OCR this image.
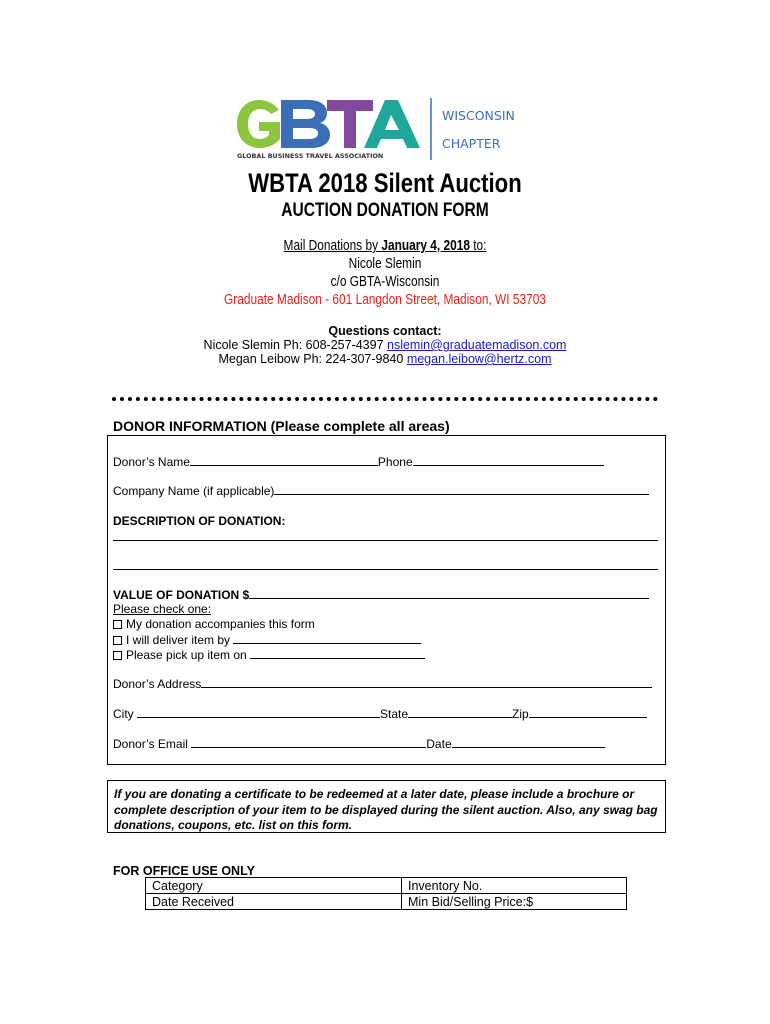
GLOBAL BUSINESS TRAVEL ASSOCIATION
WISCONSIN
CHAPTER
WBTA 2018 Silent Auction
AUCTION DONATION FORM
Mail Donations by January 4, 2018 to:
Nicole Slemin
c/o GBTA-Wisconsin
Graduate Madison - 601 Langdon Street, Madison, WI 53703
Questions contact:
Nicole Slemin Ph: 608-257-4397 nslemin@graduatemadison.com
Megan Leibow Ph: 224-307-9840 megan.leibow@hertz.com
DONOR INFORMATION (Please complete all areas)
Donor’s Name	Phone
Company Name (if applicable)
DESCRIPTION OF DONATION:
VALUE OF DONATION $
Please check one:
My donation accompanies this form
I will deliver item by
Please pick up item on
Donor’s Address
City	State	Zip
Donor’s Email	Date
If you are donating a certificate to be redeemed at a later date, please include a brochure or complete description of your item to be displayed during the silent auction. Also, any swag bag donations, coupons, etc. list on this form.
FOR OFFICE USE ONLY
Category	Inventory No.
Date Received	Min Bid/Selling Price:$
